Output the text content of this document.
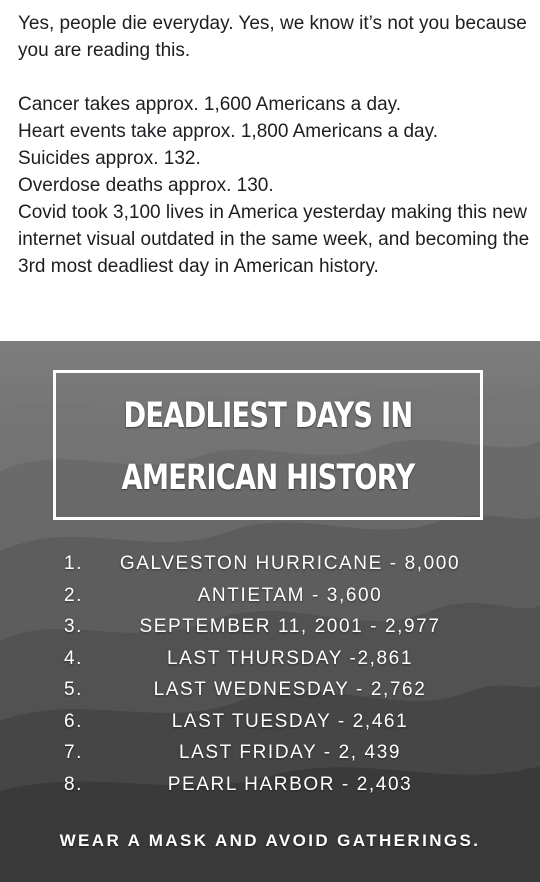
Yes, people die everyday. Yes, we know it’s not you because you are reading this.

Cancer takes approx. 1,600 Americans a day.

Heart events take approx. 1,800 Americans a day.

Suicides approx. 132.

Overdose deaths approx. 130.

Covid took 3,100 lives in America yesterday making this new internet visual outdated in the same week, and becoming the 3rd most deadliest day in American history.

DEADLIEST DAYS IN
AMERICAN HISTORY
1.	GALVESTON HURRICANE - 8,000
2.	ANTIETAM - 3,600
3.	SEPTEMBER 11, 2001 - 2,977
4.	LAST THURSDAY -2,861
5.	LAST WEDNESDAY - 2,762
6.	LAST TUESDAY - 2,461
7.	LAST FRIDAY - 2, 439
8.	PEARL HARBOR - 2,403
WEAR A MASK AND AVOID GATHERINGS.
